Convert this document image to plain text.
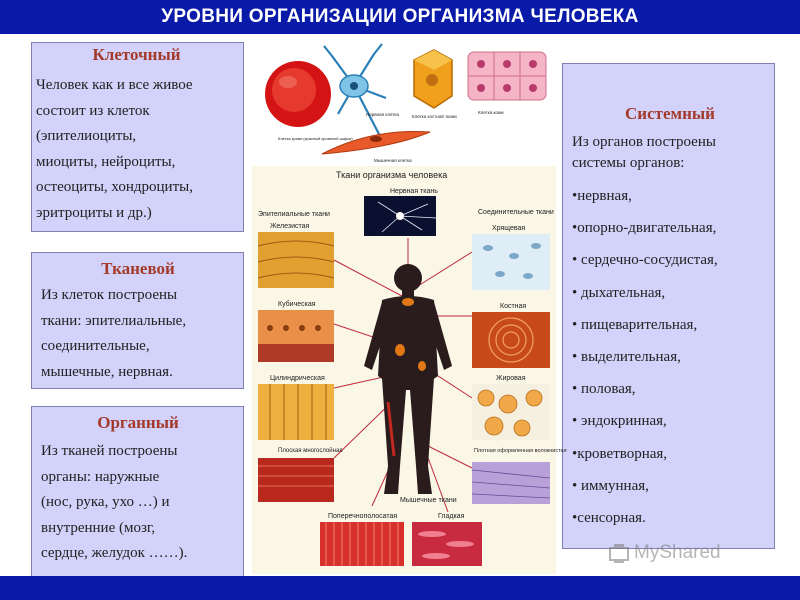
УРОВНИ ОРГАНИЗАЦИИ ОРГАНИЗМА ЧЕЛОВЕКА
Клеточный

Человек как и все живое

состоит из клеток

(эпителиоциты,

миоциты, нейроциты,

остеоциты, хондроциты,

эритроциты и др.)

Тканевой

Из клеток построены

ткани: эпителиальные,

соединительные,

мышечные, нервная.

Органный

Из тканей построены

органы: наружные

(нос, рука, ухо …) и

внутренние (мозг,

сердце, желудок ……).

Системный
Из органов построены
системы органов:
•нервная,
•опорно-двигательная,
• сердечно-сосудистая,
• дыхательная,
• пищеварительная,
• выделительная,
• половая,
• эндокринная,
•кроветворная,
• иммунная,
•сенсорная.
Клетка крови (красный кровяной шарик)
Нервная клетка	Клетка костной ткани
Клетка кожи
Мышечная клетка
Ткани организма человека
Нервная ткань
Эпителиальные ткани
Железистая
Кубическая
Цилиндрическая
Плоская многослойная
Соединительные ткани
Хрящевая
Костная
Жировая
Плотная оформленная волокнистая
Мышечные ткани
Поперечнополосатая	Гладкая
MyShared
